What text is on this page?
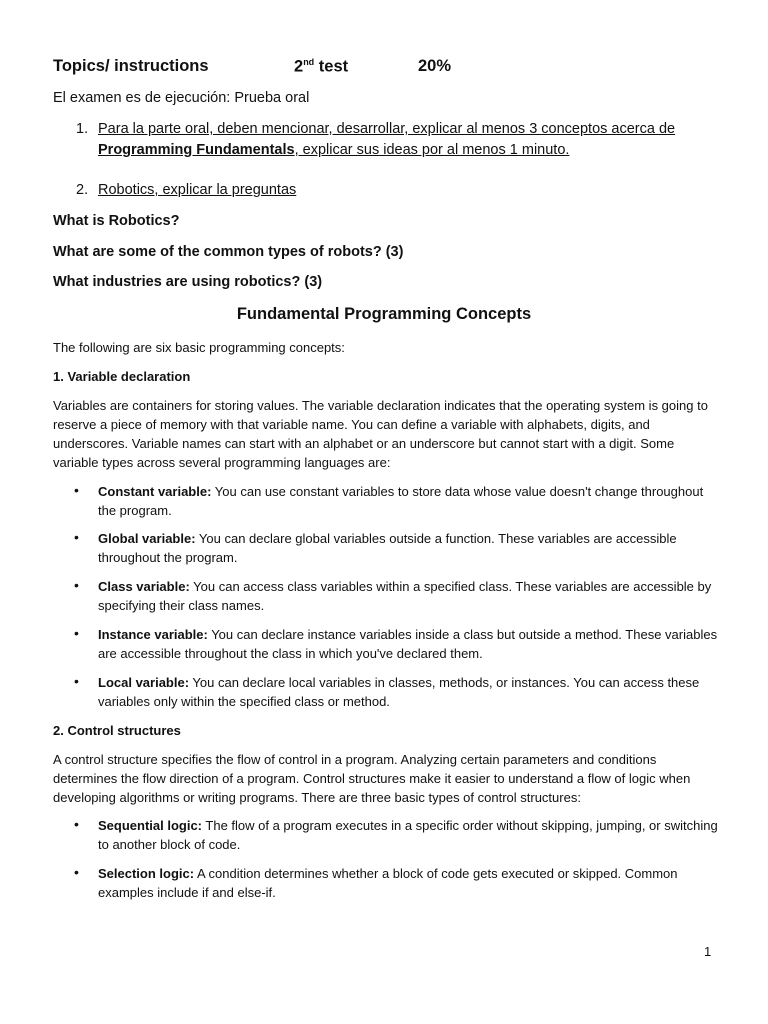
Topics/ instructions	2nd test	20%
El examen es de ejecución: Prueba oral
1. Para la parte oral, deben mencionar, desarrollar, explicar al menos 3 conceptos acerca de
Programming Fundamentals, explicar sus ideas por al menos 1 minuto.
2. Robotics, explicar la preguntas
What is Robotics?
What are some of the common types of robots? (3)
What industries are using robotics? (3)
Fundamental Programming Concepts
The following are six basic programming concepts:
1. Variable declaration
Variables are containers for storing values. The variable declaration indicates that the operating system is going to reserve a piece of memory with that variable name. You can define a variable with alphabets, digits, and underscores. Variable names can start with an alphabet or an underscore but cannot start with a digit. Some variable types across several programming languages are:
• Constant variable: You can use constant variables to store data whose value doesn't change throughout the program.
• Global variable: You can declare global variables outside a function. These variables are accessible throughout the program.
• Class variable: You can access class variables within a specified class. These variables are accessible by specifying their class names.
• Instance variable: You can declare instance variables inside a class but outside a method. These variables are accessible throughout the class in which you've declared them.
• Local variable: You can declare local variables in classes, methods, or instances. You can access these variables only within the specified class or method.
2. Control structures
A control structure specifies the flow of control in a program. Analyzing certain parameters and conditions determines the flow direction of a program. Control structures make it easier to understand a flow of logic when developing algorithms or writing programs. There are three basic types of control structures:
• Sequential logic: The flow of a program executes in a specific order without skipping, jumping, or switching to another block of code.
• Selection logic: A condition determines whether a block of code gets executed or skipped. Common examples include if and else-if.
1
